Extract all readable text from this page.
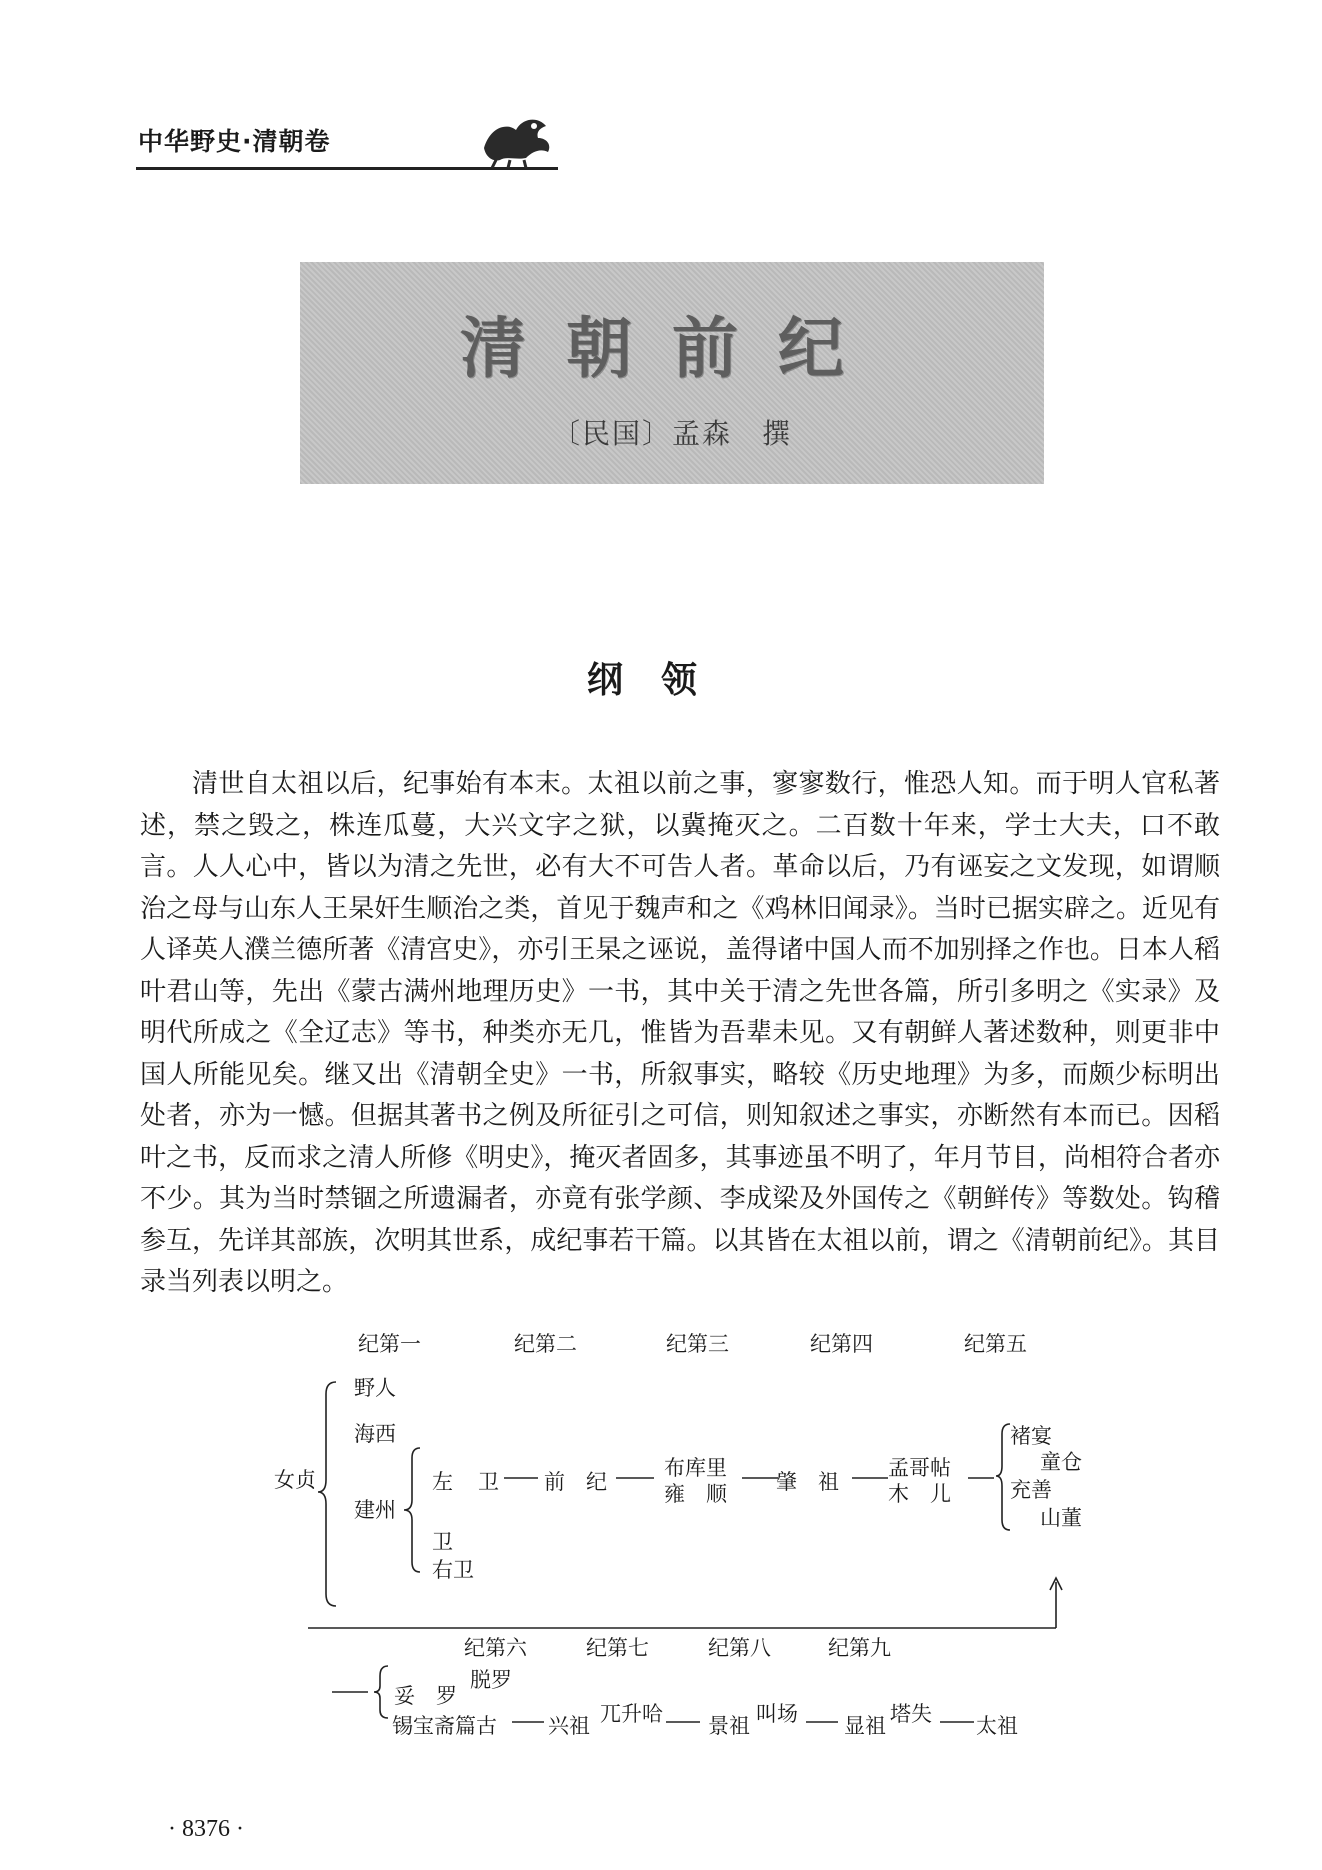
中华野史·清朝卷
清朝前纪
〔民国〕孟森　撰
纲领

清世自太祖以后，纪事始有本末。太祖以前之事，寥寥数行，惟恐人知。而于明人官私著述，禁之毁之，株连瓜蔓，大兴文字之狱，以冀掩灭之。二百数十年来，学士大夫，口不敢言。人人心中，皆以为清之先世，必有大不可告人者。革命以后，乃有诬妄之文发现，如谓顺治之母与山东人王杲奸生顺治之类，首见于魏声和之《鸡林旧闻录》。当时已据实辟之。近见有人译英人濮兰德所著《清宫史》，亦引王杲之诬说，盖得诸中国人而不加别择之作也。日本人稻叶君山等，先出《蒙古满州地理历史》一书，其中关于清之先世各篇，所引多明之《实录》及明代所成之《全辽志》等书，种类亦无几，惟皆为吾辈未见。又有朝鲜人著述数种，则更非中国人所能见矣。继又出《清朝全史》一书，所叙事实，略较《历史地理》为多，而颇少标明出处者，亦为一憾。但据其著书之例及所征引之可信，则知叙述之事实，亦断然有本而已。因稻叶之书，反而求之清人所修《明史》，掩灭者固多，其事迹虽不明了，年月节目，尚相符合者亦不少。其为当时禁锢之所遗漏者，亦竟有张学颜、李成梁及外国传之《朝鲜传》等数处。钩稽参互，先详其部族，次明其世系，成纪事若干篇。以其皆在太祖以前，谓之《清朝前纪》。其目录当列表以明之。

纪第一	纪第二	纪第三	纪第四	纪第五
女贞
野人
海西
建州
左 卫
卫
右卫
前　纪
布库里
雍　顺 肇　祖
孟哥帖
木　儿
褚宴
童仓
充善
山董
纪第六	纪第七	纪第八	纪第九
妥　罗
脱罗
锡宝斋篇古 兴祖 兀升哈 景祖 叫场 显祖 塔失 太祖
· 8376 ·
